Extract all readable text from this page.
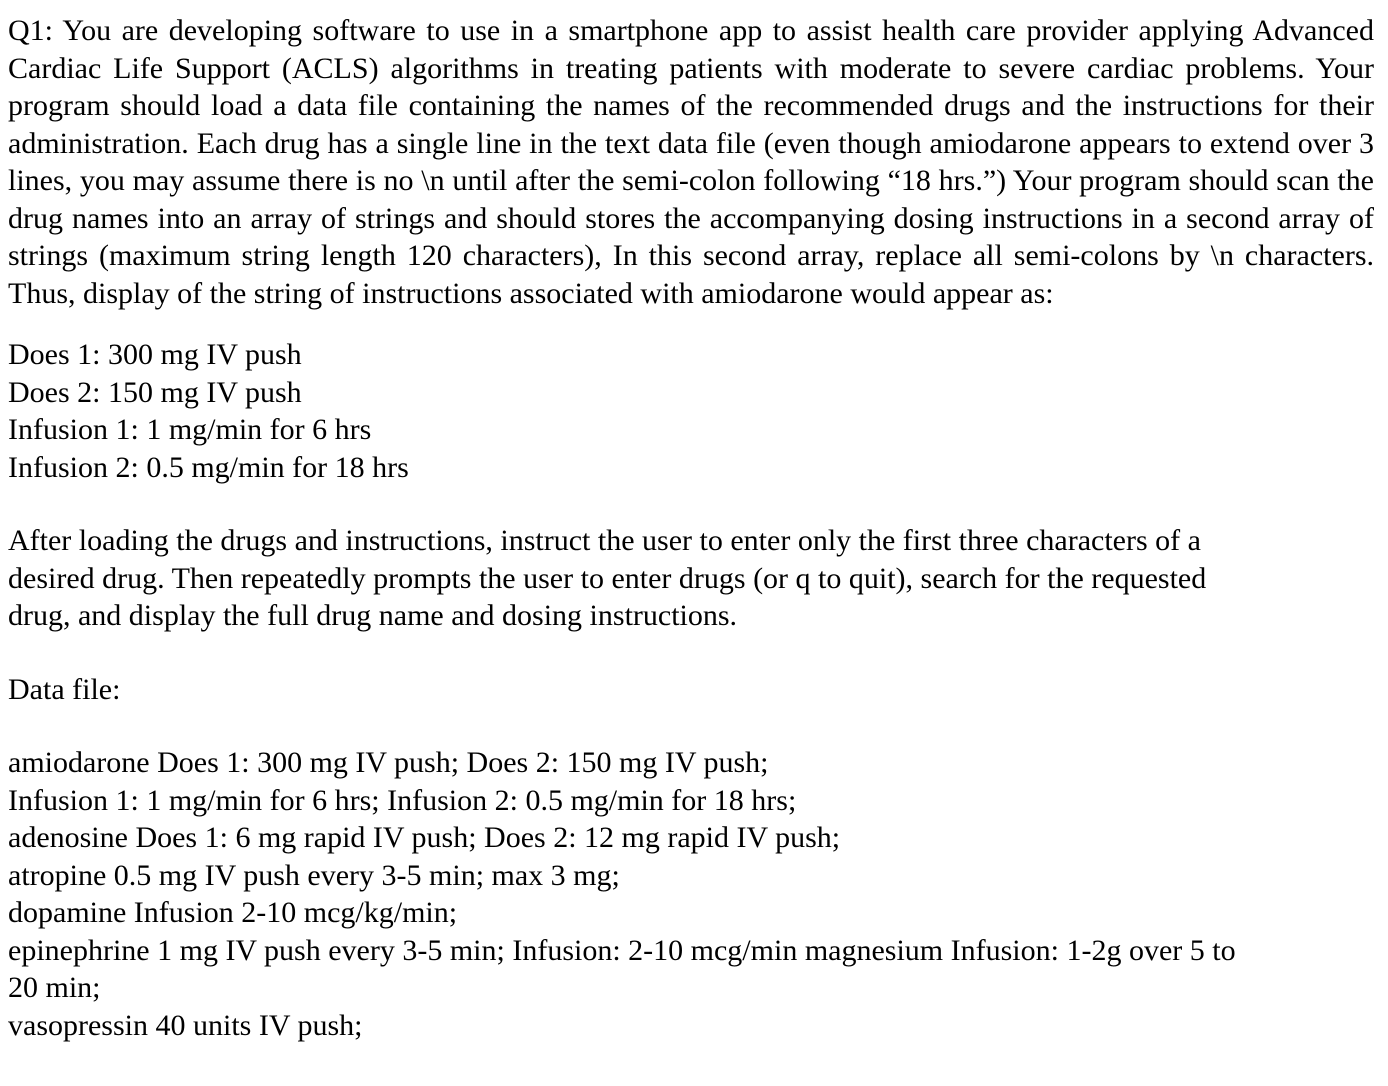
Q1: You are developing software to use in a smartphone app to assist health care provider applying Advanced Cardiac Life Support (ACLS) algorithms in treating patients with moderate to severe cardiac problems. Your program should load a data file containing the names of the recommended drugs and the instructions for their administration. Each drug has a single line in the text data file (even though amiodarone appears to extend over 3 lines, you may assume there is no \n until after the semi-colon following “18 hrs.”) Your program should scan the drug names into an array of strings and should stores the accompanying dosing instructions in a second array of strings (maximum string length 120 characters), In this second array, replace all semi-colons by \n characters. Thus, display of the string of instructions associated with amiodarone would appear as:

Does 1: 300 mg IV push
Does 2: 150 mg IV push
Infusion 1: 1 mg/min for 6 hrs
Infusion 2: 0.5 mg/min for 18 hrs
After loading the drugs and instructions, instruct the user to enter only the first three characters of a
desired drug. Then repeatedly prompts the user to enter drugs (or q to quit), search for the requested
drug, and display the full drug name and dosing instructions.
Data file:
amiodarone Does 1: 300 mg IV push; Does 2: 150 mg IV push;
Infusion 1: 1 mg/min for 6 hrs; Infusion 2: 0.5 mg/min for 18 hrs;
adenosine Does 1: 6 mg rapid IV push; Does 2: 12 mg rapid IV push;
atropine 0.5 mg IV push every 3-5 min; max 3 mg;
dopamine Infusion 2-10 mcg/kg/min;
epinephrine 1 mg IV push every 3-5 min; Infusion: 2-10 mcg/min magnesium Infusion: 1-2g over 5 to
20 min;
vasopressin 40 units IV push;
